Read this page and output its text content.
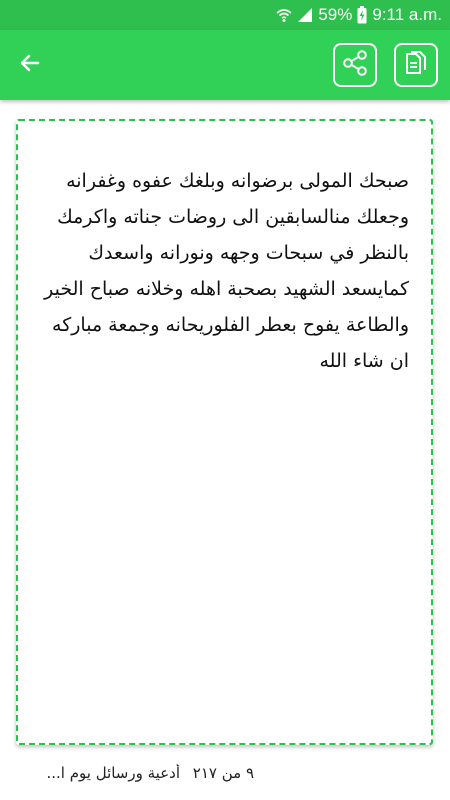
59% 9:11 a.m.
صبحك المولى برضوانه وبلغك عفوه وغفرانه وجعلك منالسابقين الى روضات جناته واكرمك بالنظر في سبحات وجهه ونورانه واسعدك كمايسعد الشهيد بصحبة اهله وخلانه صباح الخير والطاعة يفوح بعطر الفلوريحانه وجمعة مباركه ان شاء الله
٩ من ٢١٧
أدعية ورسائل يوم ا...
